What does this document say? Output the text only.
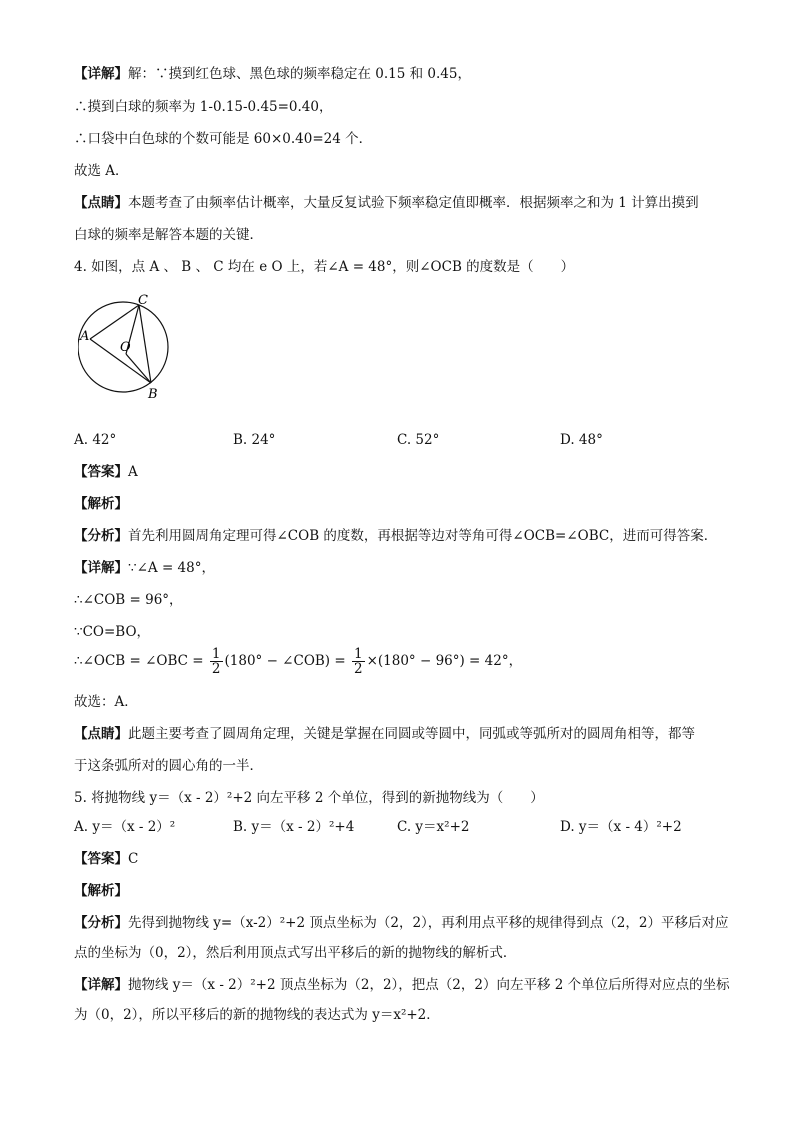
【详解】解：∵摸到红色球、黑色球的频率稳定在 0.15 和 0.45，
∴摸到白球的频率为 1-0.15-0.45=0.40，
∴口袋中白色球的个数可能是 60×0.40=24 个．
故选 A．
【点睛】本题考查了由频率估计概率，大量反复试验下频率稳定值即概率．根据频率之和为 1 计算出摸到
白球的频率是解答本题的关键．
4. 如图，点 A 、 B 、 C 均在 e O 上，若∠A = 48°，则∠OCB 的度数是（　　）
A
B
C
O
A. 42°	B. 24°	C. 52°	D. 48°
【答案】A
【解析】
【分析】首先利用圆周角定理可得∠COB 的度数，再根据等边对等角可得∠OCB=∠OBC，进而可得答案．
【详解】∵∠A = 48°，
∴∠COB = 96°，
∵CO=BO，
∴∠OCB = ∠OBC = $\frac{1}{2} (180^\circ$ − ∠COB) = $\frac{1}{2} \times(180^\circ - 96^\circ) = 42^\circ$，
故选：A．
【点睛】此题主要考查了圆周角定理，关键是掌握在同圆或等圆中，同弧或等弧所对的圆周角相等，都等
于这条弧所对的圆心角的一半．
5. 将抛物线 y＝（x - 2）²+2 向左平移 2 个单位，得到的新抛物线为（　　）
A. y＝（x - 2）²	B. y＝（x - 2）²+4	C. y＝x²+2	D. y＝（x - 4）²+2
【答案】C
【解析】
【分析】先得到抛物线 y=（x-2）²+2 顶点坐标为（2，2），再利用点平移的规律得到点（2，2）平移后对应
点的坐标为（0，2），然后利用顶点式写出平移后的新的抛物线的解析式．
【详解】抛物线 y＝（x - 2）²+2 顶点坐标为（2，2），把点（2，2）向左平移 2 个单位后所得对应点的坐标
为（0，2），所以平移后的新的抛物线的表达式为 y＝x²+2．
